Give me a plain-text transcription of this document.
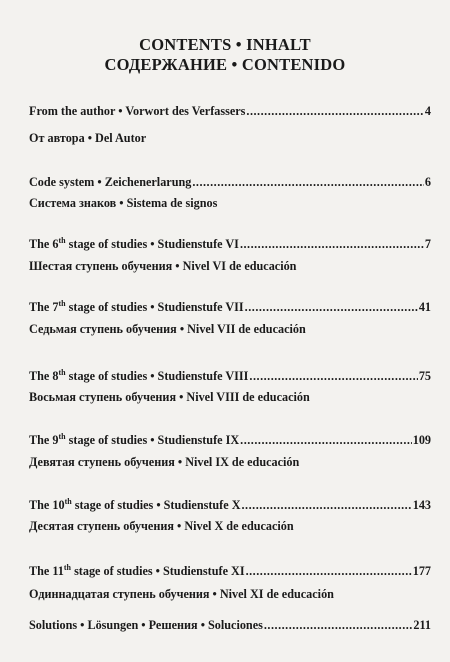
CONTENTS • INHALT
СОДЕРЖАНИЕ • CONTENIDO
From the author • Vorwort des Verfassers .....	4
От автора • Del Autor
Code system • Zeichenerlarung .....	6
Система знаков • Sistema de signos
The 6th stage of studies • Studienstufe VI .....	7
Шестая ступень обучения • Nivel VI de educación
The 7th stage of studies • Studienstufe VII .....	41
Седьмая ступень обучения • Nivel VII de educación
The 8th stage of studies • Studienstufe VIII .....	75
Восьмая ступень обучения • Nivel VIII de educación
The 9th stage of studies • Studienstufe IX .....	109
Девятая ступень обучения • Nivel IX de educación
The 10th stage of studies • Studienstufe X .....	143
Десятая ступень обучения • Nivel X de educación
The 11th stage of studies • Studienstufe XI .....	177
Одиннадцатая ступень обучения • Nivel XI de educación
Solutions • Lösungen • Решения • Soluciones .....	211
